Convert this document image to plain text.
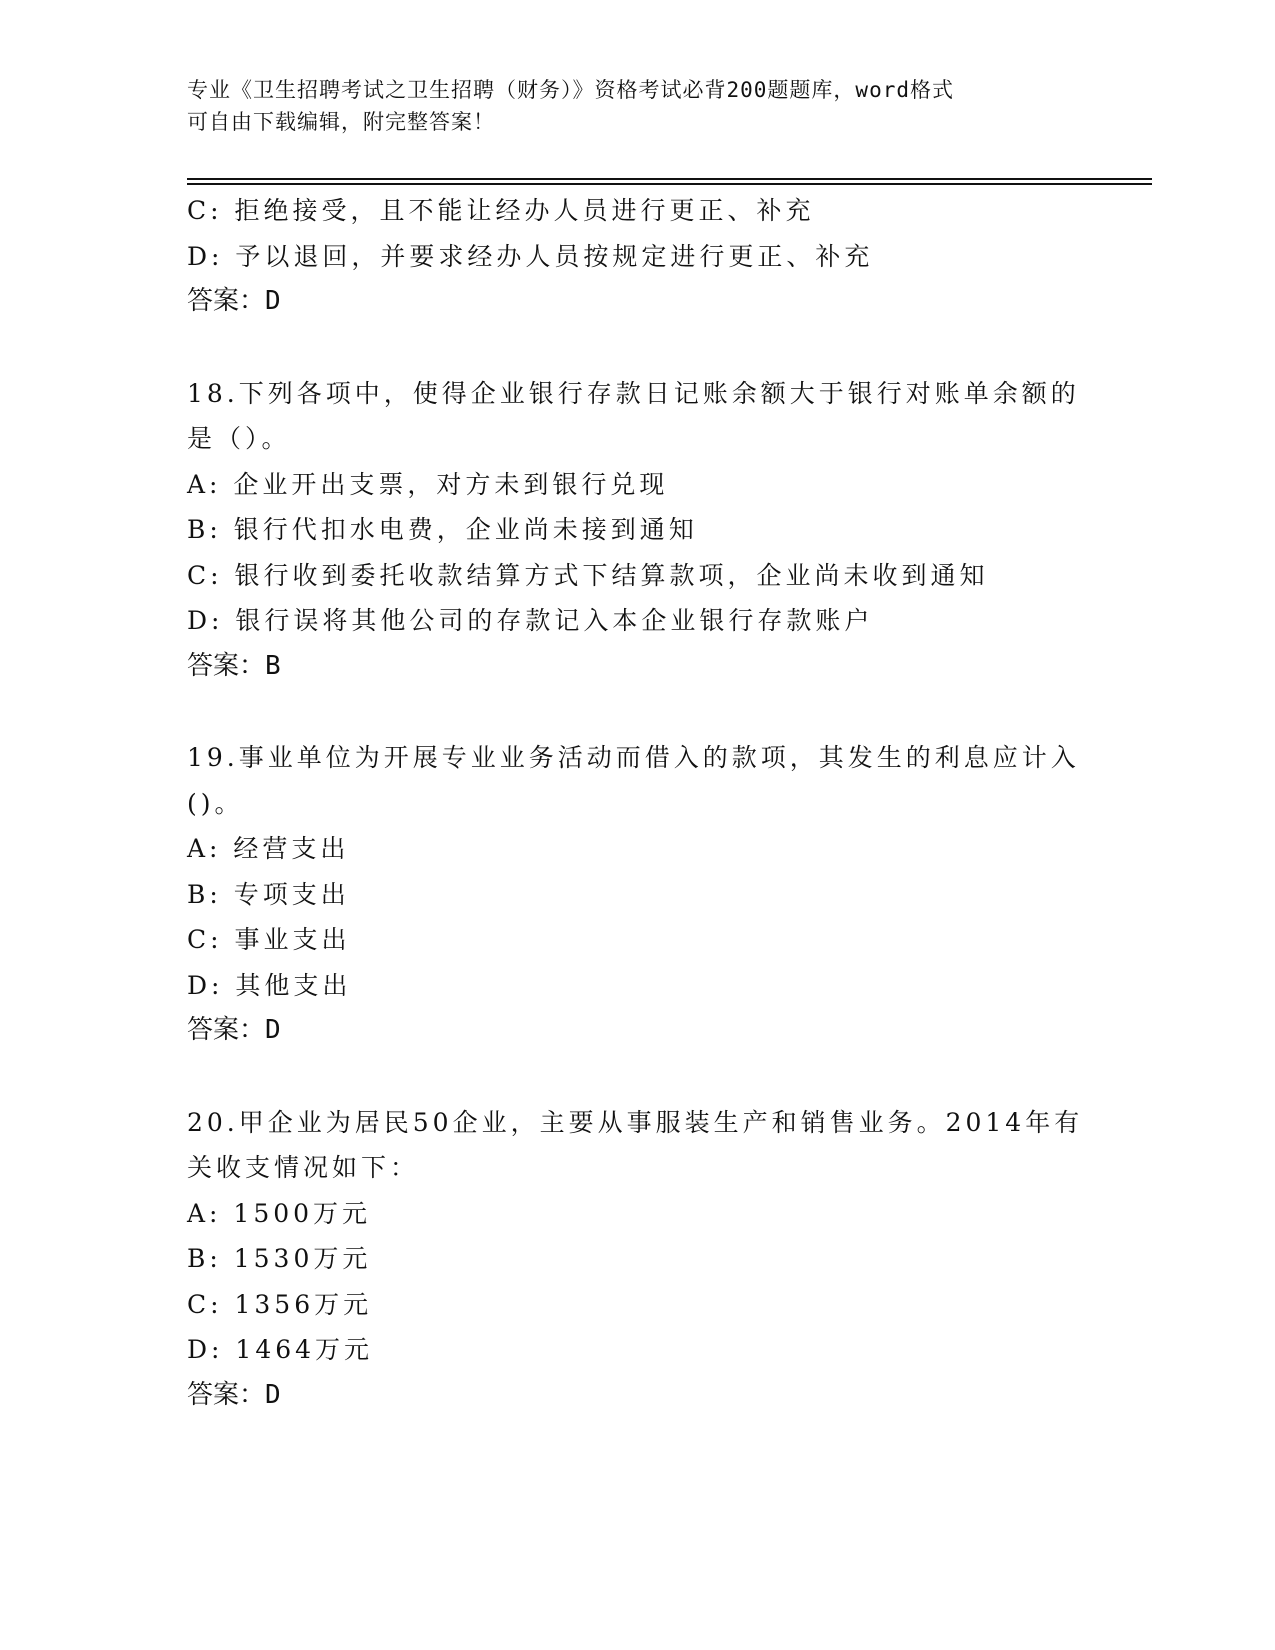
专业《卫生招聘考试之卫生招聘（财务）》资格考试必背200题题库，word格式
可自由下载编辑，附完整答案！
C: 拒绝接受，且不能让经办人员进行更正、补充
D: 予以退回，并要求经办人员按规定进行更正、补充
答案：D
18.下列各项中，使得企业银行存款日记账余额大于银行对账单余额的
是（）。
A: 企业开出支票，对方未到银行兑现
B: 银行代扣水电费，企业尚未接到通知
C: 银行收到委托收款结算方式下结算款项，企业尚未收到通知
D: 银行误将其他公司的存款记入本企业银行存款账户
答案：B
19.事业单位为开展专业业务活动而借入的款项，其发生的利息应计入
()。
A: 经营支出
B: 专项支出
C: 事业支出
D: 其他支出
答案：D
20.甲企业为居民50企业，主要从事服装生产和销售业务。2014年有
关收支情况如下：
A: 1500万元
B: 1530万元
C: 1356万元
D: 1464万元
答案：D
